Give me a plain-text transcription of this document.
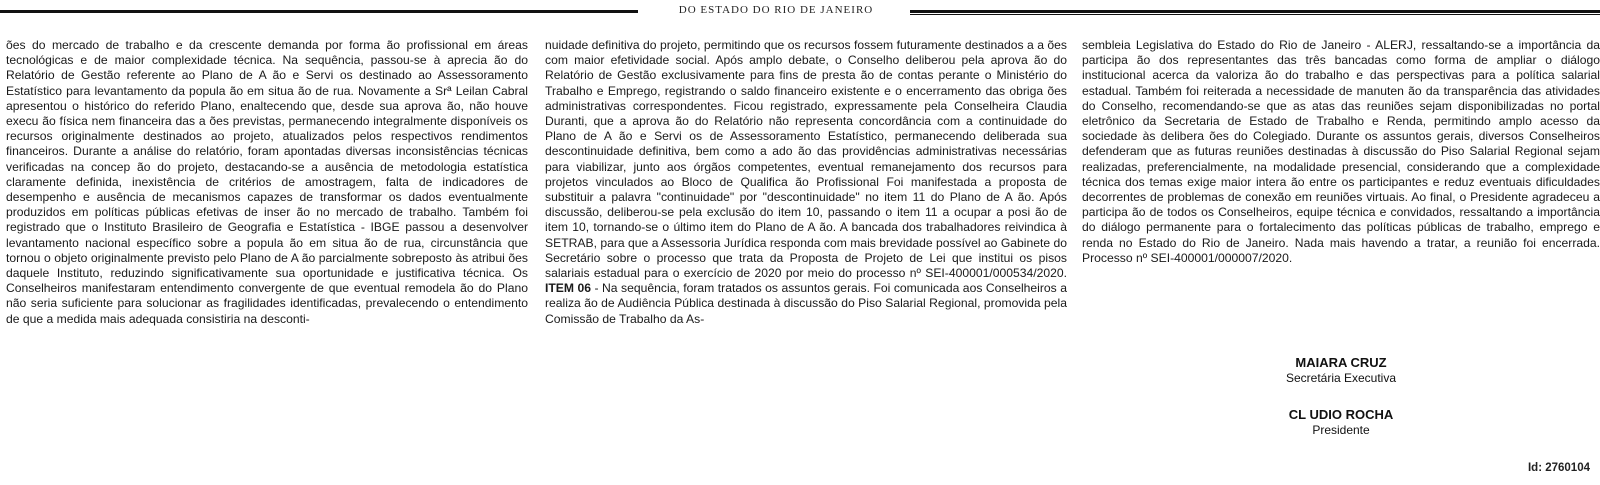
DO ESTADO DO RIO DE JANEIRO

ões do mercado de trabalho e da crescente demanda por forma ão profissional em áreas tecnológicas e de maior complexidade técnica. Na sequência, passou-se à aprecia ão do Relatório de Gestão referente ao Plano de A ão e Servi os destinado ao Assessoramento Estatístico para levantamento da popula ão em situa ão de rua. Novamente a Srª Leilan Cabral apresentou o histórico do referido Plano, enaltecendo que, desde sua aprova ão, não houve execu ão física nem financeira das a ões previstas, permanecendo integralmente disponíveis os recursos originalmente destinados ao projeto, atualizados pelos respectivos rendimentos financeiros. Durante a análise do relatório, foram apontadas diversas inconsistências técnicas verificadas na concep ão do projeto, destacando-se a ausência de metodologia estatística claramente definida, inexistência de critérios de amostragem, falta de indicadores de desempenho e ausência de mecanismos capazes de transformar os dados eventualmente produzidos em políticas públicas efetivas de inser ão no mercado de trabalho. Também foi registrado que o Instituto Brasileiro de Geografia e Estatística - IBGE passou a desenvolver levantamento nacional específico sobre a popula ão em situa ão de rua, circunstância que tornou o objeto originalmente previsto pelo Plano de A ão parcialmente sobreposto às atribui ões daquele Instituto, reduzindo significativamente sua oportunidade e justificativa técnica. Os Conselheiros manifestaram entendimento convergente de que eventual remodela ão do Plano não seria suficiente para solucionar as fragilidades identificadas, prevalecendo o entendimento de que a medida mais adequada consistiria na desconti-

nuidade definitiva do projeto, permitindo que os recursos fossem futuramente destinados a a ões com maior efetividade social. Após amplo debate, o Conselho deliberou pela aprova ão do Relatório de Gestão exclusivamente para fins de presta ão de contas perante o Ministério do Trabalho e Emprego, registrando o saldo financeiro existente e o encerramento das obriga ões administrativas correspondentes. Ficou registrado, expressamente pela Conselheira Claudia Duranti, que a aprova ão do Relatório não representa concordância com a continuidade do Plano de A ão e Servi os de Assessoramento Estatístico, permanecendo deliberada sua descontinuidade definitiva, bem como a ado ão das providências administrativas necessárias para viabilizar, junto aos órgãos competentes, eventual remanejamento dos recursos para projetos vinculados ao Bloco de Qualifica ão Profissional Foi manifestada a proposta de substituir a palavra "continuidade" por "descontinuidade" no item 11 do Plano de A ão. Após discussão, deliberou-se pela exclusão do item 10, passando o item 11 a ocupar a posi ão de item 10, tornando-se o último item do Plano de A ão. A bancada dos trabalhadores reivindica à SETRAB, para que a Assessoria Jurídica responda com mais brevidade possível ao Gabinete do Secretário sobre o processo que trata da Proposta de Projeto de Lei que institui os pisos salariais estadual para o exercício de 2020 por meio do processo nº SEI-400001/000534/2020. ITEM 06 - Na sequência, foram tratados os assuntos gerais. Foi comunicada aos Conselheiros a realiza ão de Audiência Pública destinada à discussão do Piso Salarial Regional, promovida pela Comissão de Trabalho da As-

sembleia Legislativa do Estado do Rio de Janeiro - ALERJ, ressaltando-se a importância da participa ão dos representantes das três bancadas como forma de ampliar o diálogo institucional acerca da valoriza ão do trabalho e das perspectivas para a política salarial estadual. Também foi reiterada a necessidade de manuten ão da transparência das atividades do Conselho, recomendando-se que as atas das reuniões sejam disponibilizadas no portal eletrônico da Secretaria de Estado de Trabalho e Renda, permitindo amplo acesso da sociedade às delibera ões do Colegiado. Durante os assuntos gerais, diversos Conselheiros defenderam que as futuras reuniões destinadas à discussão do Piso Salarial Regional sejam realizadas, preferencialmente, na modalidade presencial, considerando que a complexidade técnica dos temas exige maior intera ão entre os participantes e reduz eventuais dificuldades decorrentes de problemas de conexão em reuniões virtuais. Ao final, o Presidente agradeceu a participa ão de todos os Conselheiros, equipe técnica e convidados, ressaltando a importância do diálogo permanente para o fortalecimento das políticas públicas de trabalho, emprego e renda no Estado do Rio de Janeiro. Nada mais havendo a tratar, a reunião foi encerrada. Processo nº SEI-400001/000007/2020.

MAIARA CRUZ
Secretária Executiva
CL UDIO ROCHA
Presidente
Id: 2760104
